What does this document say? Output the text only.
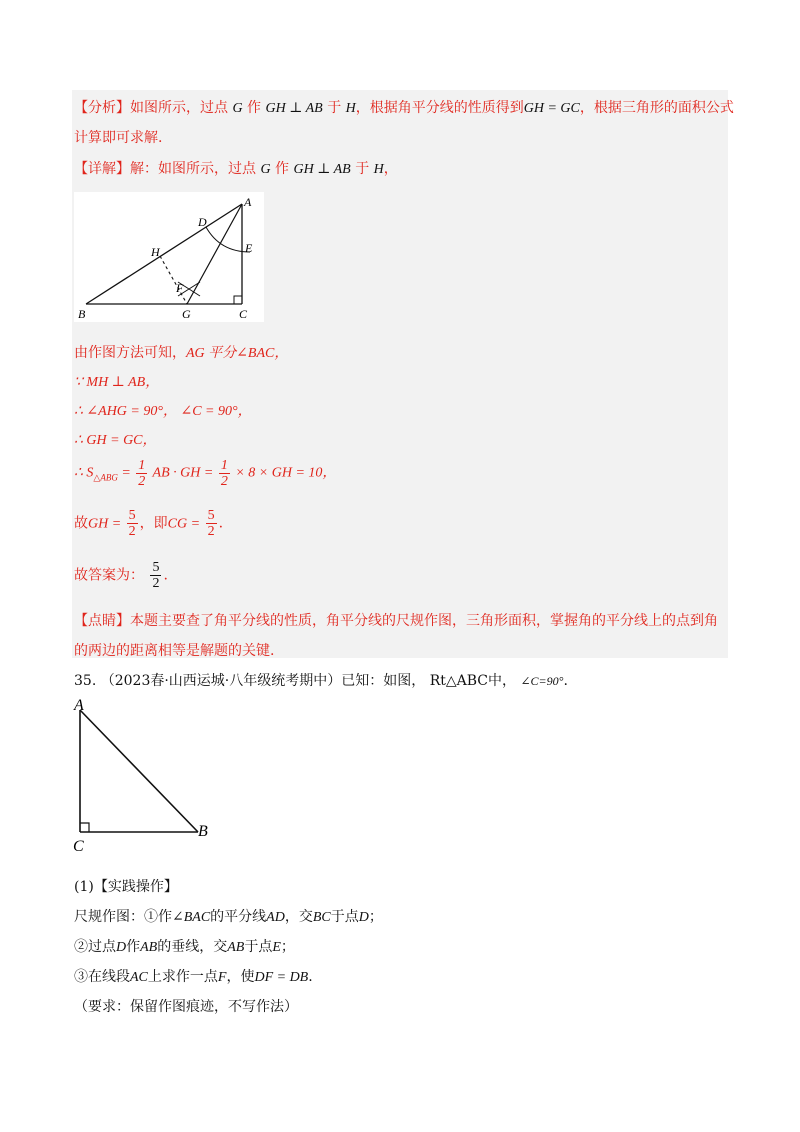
【分析】如图所示，过点 G 作 GH ⊥ AB 于 H，根据角平分线的性质得到GH = GC，根据三角形的面积公式
计算即可求解.
【详解】解：如图所示，过点 G 作 GH ⊥ AB 于 H，
A
B	C
D
E
F
G
H
由作图方法可知，AG 平分∠BAC，
∵ MH ⊥ AB，
∴ ∠AHG = 90°， ∠C = 90°，
∴ GH = GC，
∴ $S_{\triangle ABG} = \frac{1}{2}$ AB · GH = $\frac{1}{2} \times 8$ × GH = 10，
故GH = $\frac{5}{2}$ ，即CG = $\frac{5}{2}$ .
故答案为： $\frac{5}{2}$ .
【点睛】本题主要查了角平分线的性质，角平分线的尺规作图，三角形面积，掌握角的平分线上的点到角
的两边的距离相等是解题的关键.
35. （2023春·山西运城·八年级统考期中）已知：如图， Rt△ABC中， ∠C=90°.
A
B
C
(1)【实践操作】
尺规作图：①作∠BAC的平分线AD，交BC于点D；
②过点D作AB的垂线，交AB于点E；
③在线段AC上求作一点F，使DF = DB.
（要求：保留作图痕迹，不写作法）
